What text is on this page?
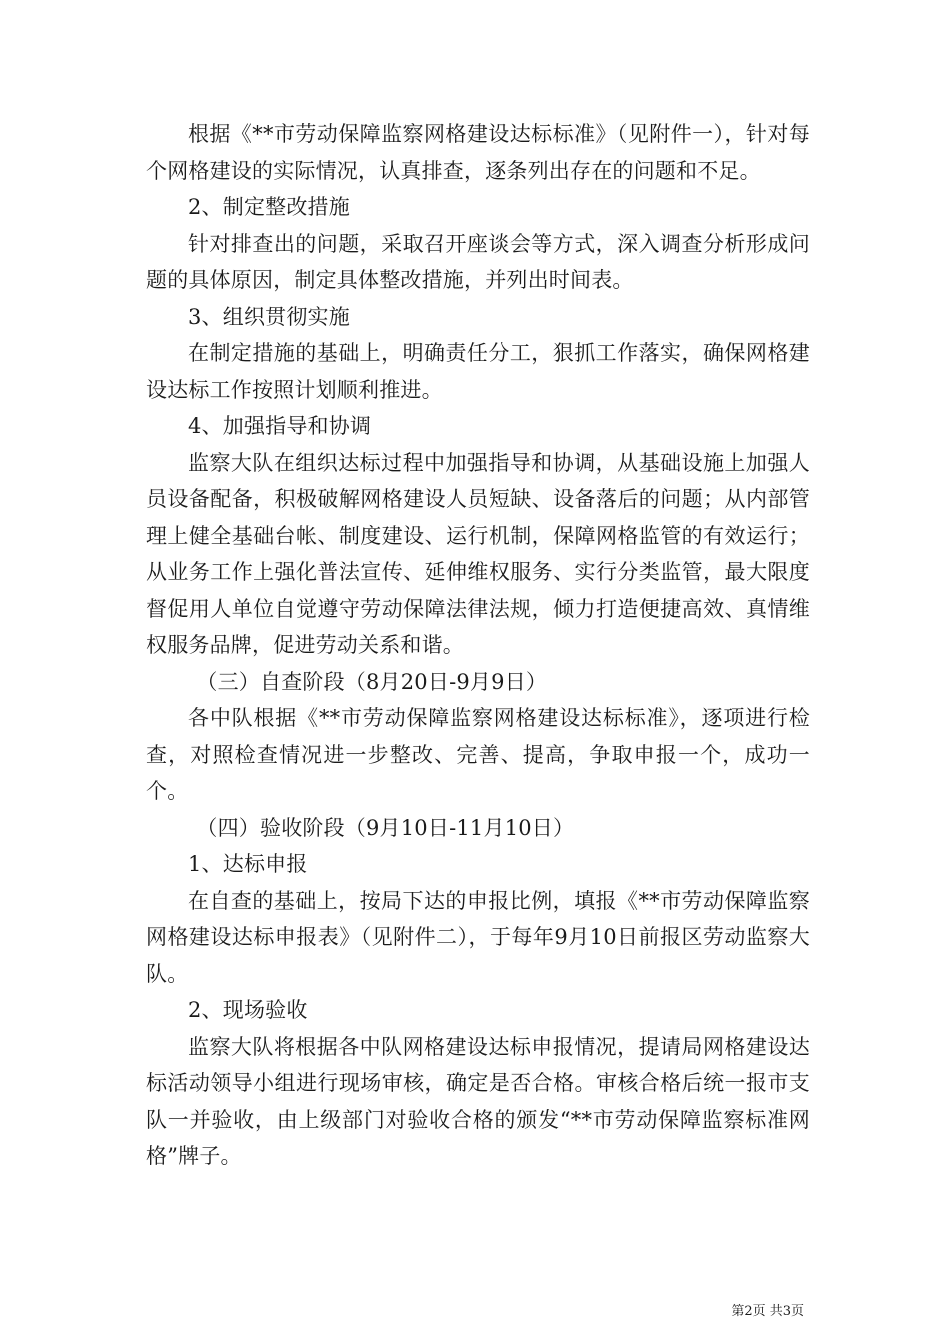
根据《**市劳动保障监察网格建设达标标准》（见附件一），针对每个网格建设的实际情况，认真排查，逐条列出存在的问题和不足。

2、制定整改措施

针对排查出的问题，采取召开座谈会等方式，深入调查分析形成问题的具体原因，制定具体整改措施，并列出时间表。

3、组织贯彻实施

在制定措施的基础上，明确责任分工，狠抓工作落实，确保网格建设达标工作按照计划顺利推进。

4、加强指导和协调

监察大队在组织达标过程中加强指导和协调，从基础设施上加强人员设备配备，积极破解网格建设人员短缺、设备落后的问题；从内部管理上健全基础台帐、制度建设、运行机制，保障网格监管的有效运行；从业务工作上强化普法宣传、延伸维权服务、实行分类监管，最大限度督促用人单位自觉遵守劳动保障法律法规，倾力打造便捷高效、真情维权服务品牌，促进劳动关系和谐。

（三）自查阶段（8月20日-9月9日）

各中队根据《**市劳动保障监察网格建设达标标准》，逐项进行检查，对照检查情况进一步整改、完善、提高，争取申报一个，成功一个。

（四）验收阶段（9月10日-11月10日）

1、达标申报

在自查的基础上，按局下达的申报比例，填报《**市劳动保障监察网格建设达标申报表》（见附件二），于每年9月10日前报区劳动监察大队。

2、现场验收

监察大队将根据各中队网格建设达标申报情况，提请局网格建设达标活动领导小组进行现场审核，确定是否合格。审核合格后统一报市支队一并验收，由上级部门对验收合格的颁发“**市劳动保障监察标准网格”牌子。

第2页 共3页
